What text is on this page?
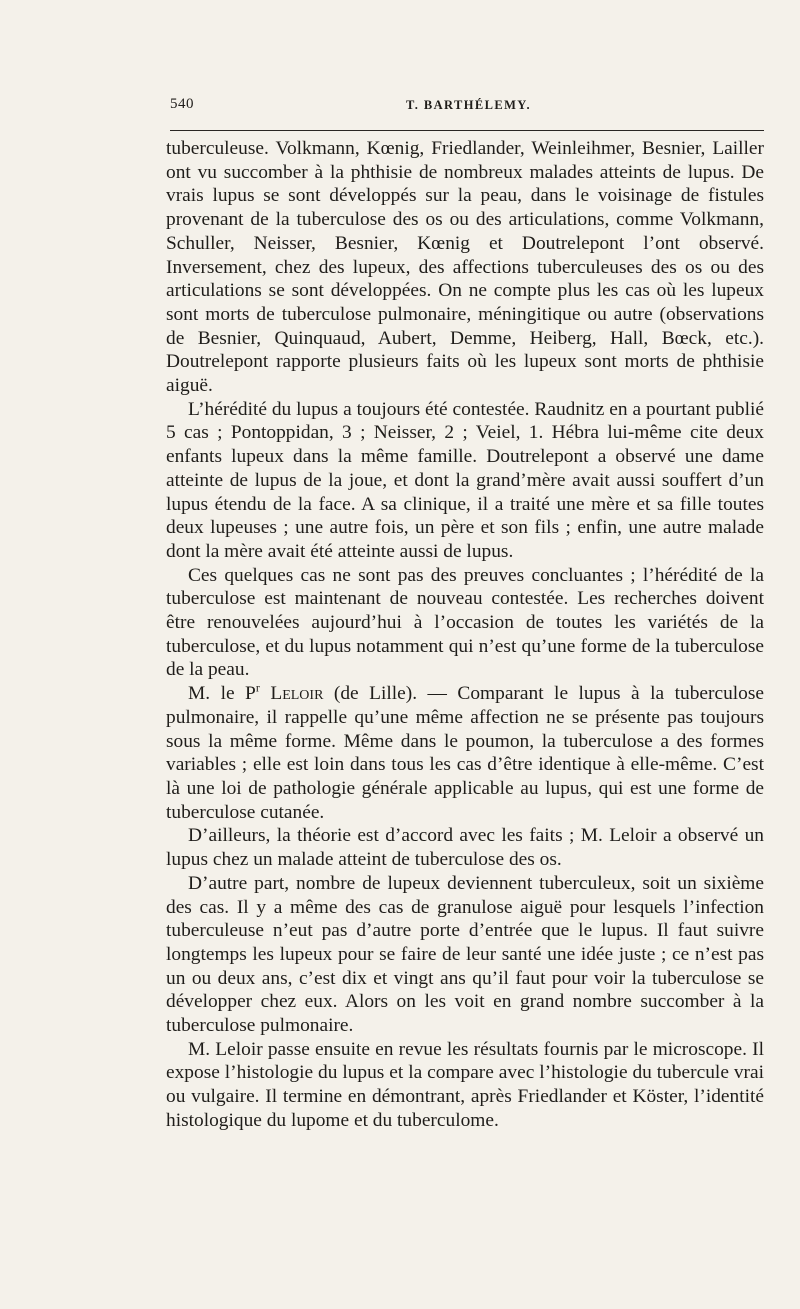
540	T. BARTHÉLEMY.

tuberculeuse. Volkmann, Kœnig, Friedlander, Weinleihmer, Besnier, Lailler ont vu succomber à la phthisie de nombreux malades atteints de lupus. De vrais lupus se sont développés sur la peau, dans le voisinage de fistules provenant de la tuberculose des os ou des articulations, comme Volkmann, Schuller, Neisser, Besnier, Kœnig et Doutrelepont l’ont observé. Inversement, chez des lupeux, des affections tuberculeuses des os ou des articulations se sont développées. On ne compte plus les cas où les lupeux sont morts de tuberculose pulmonaire, méningitique ou autre (observations de Besnier, Quinquaud, Aubert, Demme, Heiberg, Hall, Bœck, etc.). Doutrelepont rapporte plusieurs faits où les lupeux sont morts de phthisie aiguë.

L’hérédité du lupus a toujours été contestée. Raudnitz en a pourtant publié 5 cas ; Pontoppidan, 3 ; Neisser, 2 ; Veiel, 1. Hébra lui-même cite deux enfants lupeux dans la même famille. Doutrelepont a observé une dame atteinte de lupus de la joue, et dont la grand’mère avait aussi souffert d’un lupus étendu de la face. A sa clinique, il a traité une mère et sa fille toutes deux lupeuses ; une autre fois, un père et son fils ; enfin, une autre malade dont la mère avait été atteinte aussi de lupus.

Ces quelques cas ne sont pas des preuves concluantes ; l’hérédité de la tuberculose est maintenant de nouveau contestée. Les recherches doivent être renouvelées aujourd’hui à l’occasion de toutes les variétés de la tuberculose, et du lupus notamment qui n’est qu’une forme de la tuberculose de la peau.

M. le $P^r$ Leloir (de Lille). — Comparant le lupus à la tuberculose pulmonaire, il rappelle qu’une même affection ne se présente pas toujours sous la même forme. Même dans le poumon, la tuberculose a des formes variables ; elle est loin dans tous les cas d’être identique à elle-même. C’est là une loi de pathologie générale applicable au lupus, qui est une forme de tuberculose cutanée.

D’ailleurs, la théorie est d’accord avec les faits ; M. Leloir a observé un lupus chez un malade atteint de tuberculose des os.

D’autre part, nombre de lupeux deviennent tuberculeux, soit un sixième des cas. Il y a même des cas de granulose aiguë pour lesquels l’infection tuberculeuse n’eut pas d’autre porte d’entrée que le lupus. Il faut suivre longtemps les lupeux pour se faire de leur santé une idée juste ; ce n’est pas un ou deux ans, c’est dix et vingt ans qu’il faut pour voir la tuberculose se développer chez eux. Alors on les voit en grand nombre succomber à la tuberculose pulmonaire.

M. Leloir passe ensuite en revue les résultats fournis par le microscope. Il expose l’histologie du lupus et la compare avec l’histologie du tubercule vrai ou vulgaire. Il termine en démontrant, après Friedlander et Köster, l’identité histologique du lupome et du tuberculome.
